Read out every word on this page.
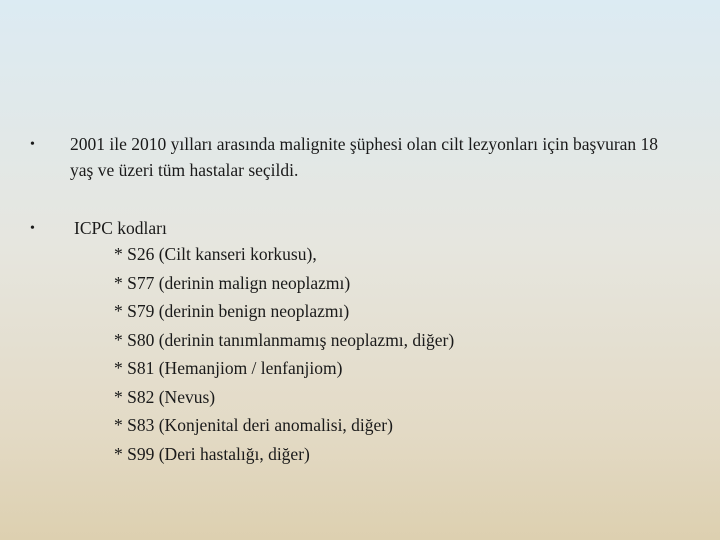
•	2001 ile 2010 yılları arasında malignite şüphesi olan cilt lezyonları için başvuran 18 yaş ve üzeri tüm hastalar seçildi.
•	ICPC kodları
* S26 (Cilt kanseri korkusu),
* S77 (derinin malign neoplazmı)
* S79 (derinin benign neoplazmı)
* S80 (derinin tanımlanmamış neoplazmı, diğer)
* S81 (Hemanjiom / lenfanjiom)
* S82 (Nevus)
* S83 (Konjenital deri anomalisi, diğer)
* S99 (Deri hastalığı, diğer)
